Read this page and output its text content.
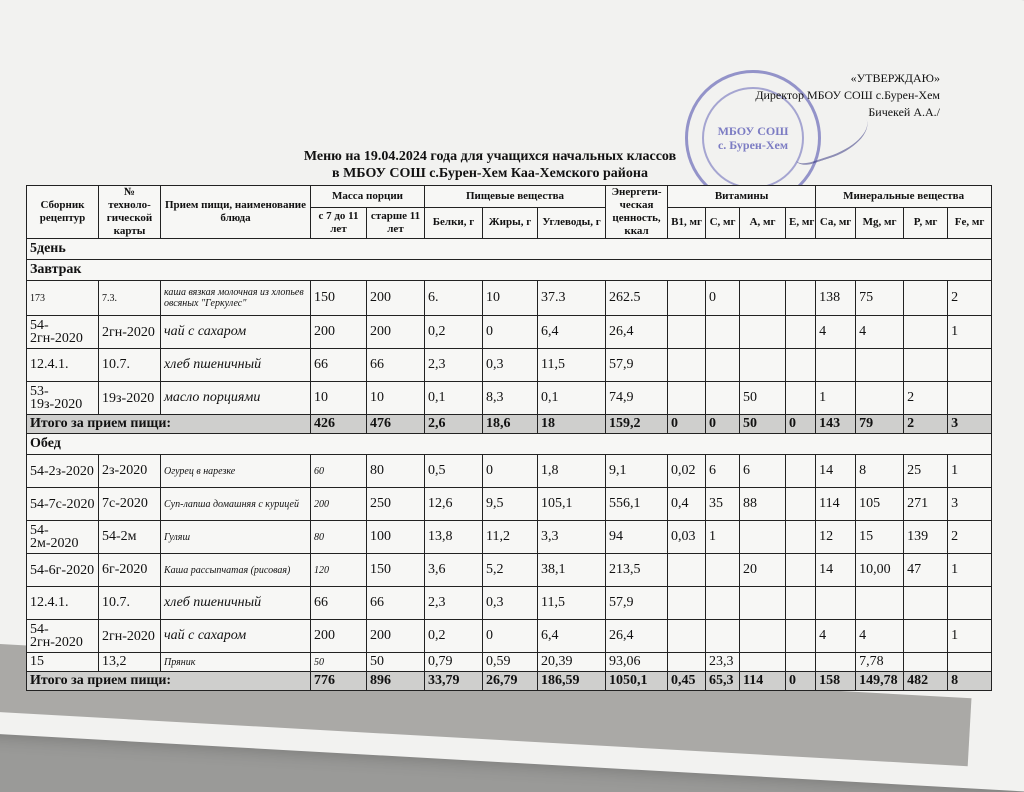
МБОУ СОШ
с. Бурен-Хем
«УТВЕРЖДАЮ»
Директор МБОУ СОШ с.Бурен-Хем
Бичекей А.А./
Меню на 19.04.2024 года для учащихся начальных классов
в МБОУ СОШ с.Бурен-Хем Каа-Хемского района
Сборник рецептур	№ техноло-гической карты	Прием пищи, наименование блюда	Масса порции		Пищевые вещества			Энергети-ческая ценность, ккал	Витамины				Минеральные вещества			
			с 7 до 11 лет	старше 11 лет	Белки, г	Жиры, г	Углеводы, г		B1, мг	C, мг	A, мг	E, мг	Ca, мг	Mg, мг	P, мг	Fe, мг
5день																
Завтрак																
173	7.3.	каша вязкая молочная из хлопьев овсяных "Геркулес"	150	200	6.	10	37.3	262.5		0			138	75		2
54-2гн-2020	2гн-2020	чай с сахаром	200	200	0,2	0	6,4	26,4					4	4		1
12.4.1.	10.7.	хлеб пшеничный	66	66	2,3	0,3	11,5	57,9								
53-19з-2020	19з-2020	масло порциями	10	10	0,1	8,3	0,1	74,9			50		1		2	
Итого за прием пищи:			426	476	2,6	18,6	18	159,2	0	0	50	0	143	79	2	3
Обед																
54-2з-2020	2з-2020	Огурец в нарезке	60	80	0,5	0	1,8	9,1	0,02	6	6		14	8	25	1
54-7с-2020	7с-2020	Суп-лапша домашняя с курицей	200	250	12,6	9,5	105,1	556,1	0,4	35	88		114	105	271	3
54-2м-2020	54-2м	Гуляш	80	100	13,8	11,2	3,3	94	0,03	1			12	15	139	2
54-6г-2020	6г-2020	Каша рассыпчатая (рисовая)	120	150	3,6	5,2	38,1	213,5			20		14	10,00	47	1
12.4.1.	10.7.	хлеб пшеничный	66	66	2,3	0,3	11,5	57,9								
54-2гн-2020	2гн-2020	чай с сахаром	200	200	0,2	0	6,4	26,4					4	4		1
15	13,2	Пряник	50	50	0,79	0,59	20,39	93,06		23,3				7,78		
Итого за прием пищи:			776	896	33,79	26,79	186,59	1050,1	0,45	65,3	114	0	158	149,78	482	8
